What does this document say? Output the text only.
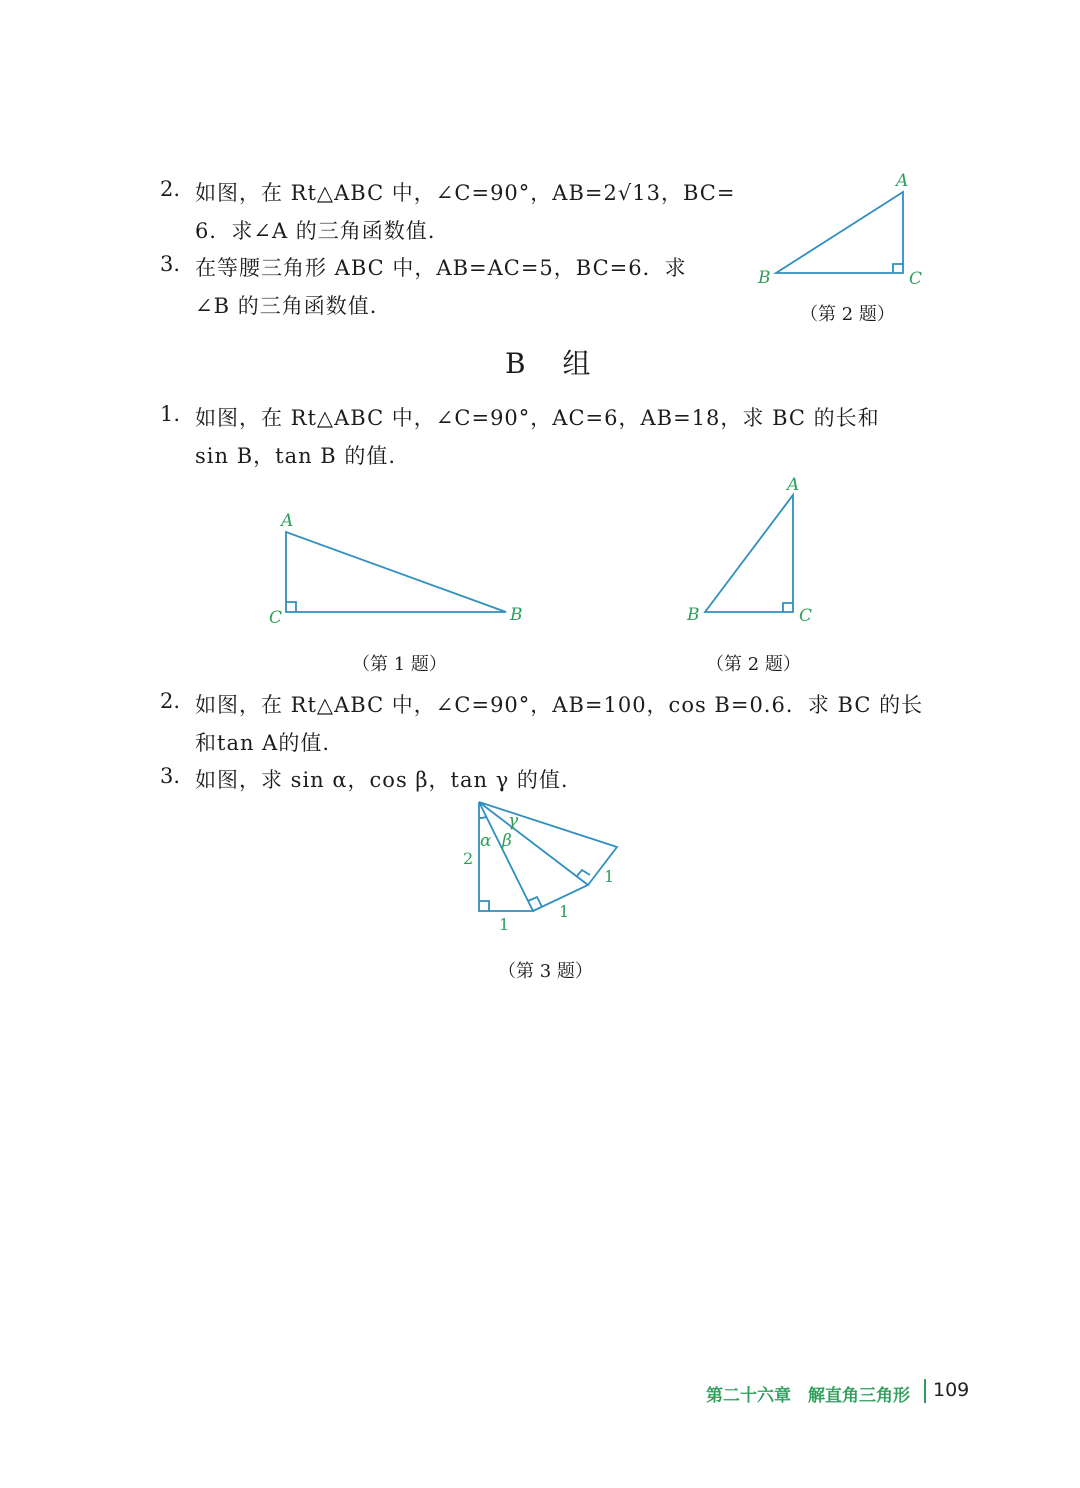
2. 如图，在 Rt△ABC 中，∠C=90°，AB=2√13，BC=
6．求∠A 的三角函数值.
3. 在等腰三角形 ABC 中，AB=AC=5，BC=6．求
∠B 的三角函数值.
A
B	C
（第 2 题）
B 组
1. 如图，在 Rt△ABC 中，∠C=90°，AC=6，AB=18，求 BC 的长和
sin B，tan B 的值.
A
C	B
（第 1 题）
A
B	C
（第 2 题）
2. 如图，在 Rt△ABC 中，∠C=90°，AB=100，cos B=0.6．求 BC 的长
和tan A的值.
3. 如图，求 sin α，cos β，tan γ 的值.
α β
γ
2
1
1
1
（第 3 题）
第二十六章　解直角三角形 109
